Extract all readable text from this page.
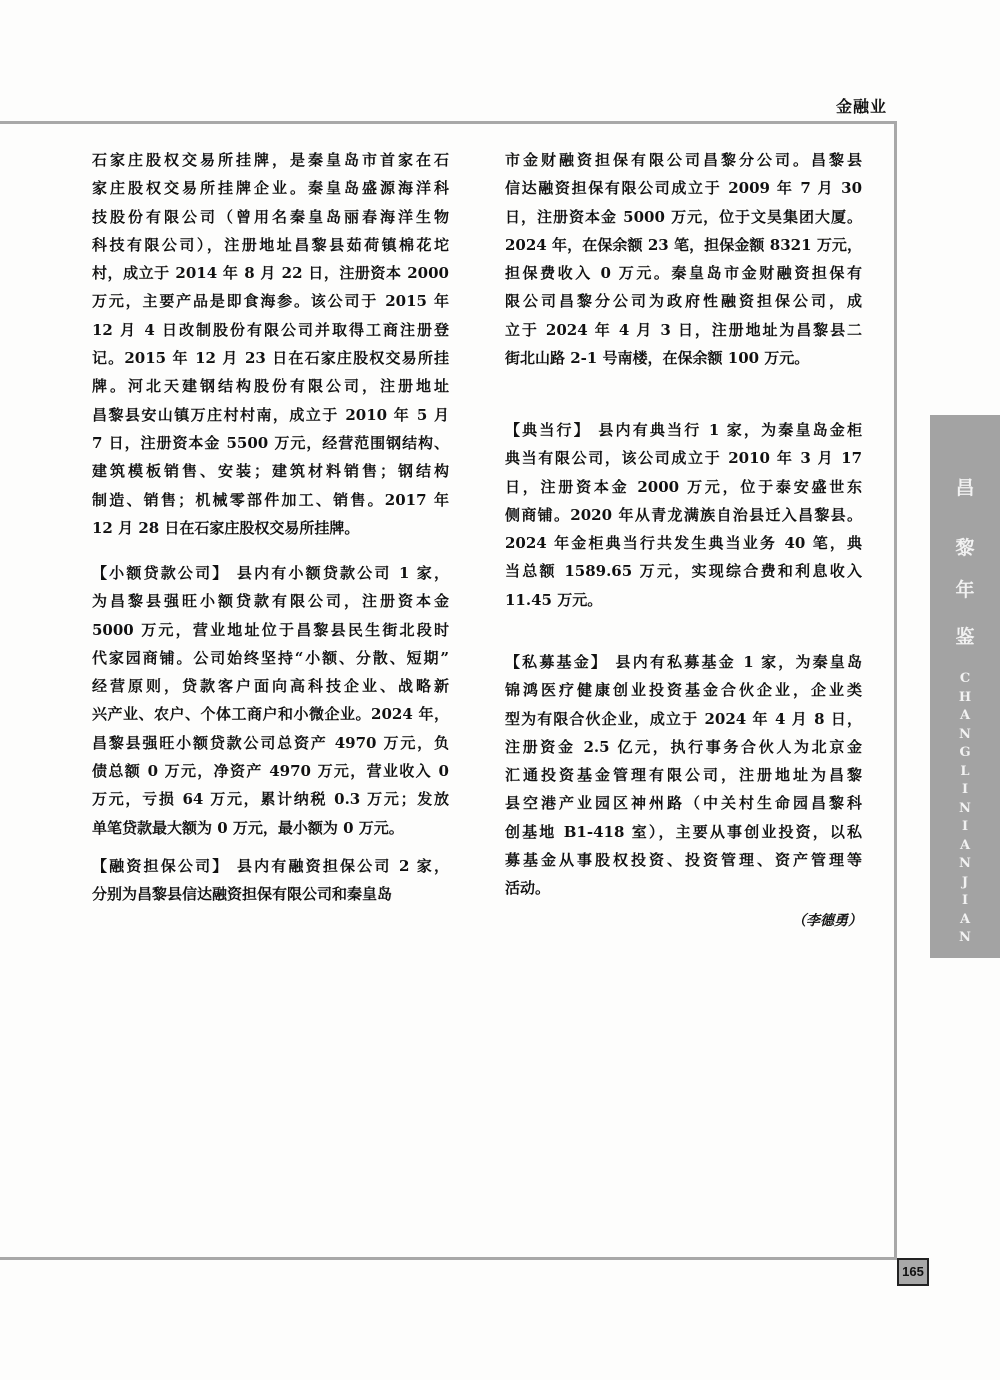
金融业
石家庄股权交易所挂牌，是秦皇岛市首家在石
家庄股权交易所挂牌企业。秦皇岛盛源海洋科
技股份有限公司（曾用名秦皇岛丽春海洋生物
科技有限公司），注册地址昌黎县茹荷镇棉花坨
村，成立于 2014 年 8 月 22 日，注册资本 2000
万元，主要产品是即食海参。该公司于 2015 年
12 月 4 日改制股份有限公司并取得工商注册登
记。2015 年 12 月 23 日在石家庄股权交易所挂
牌。河北天建钢结构股份有限公司，注册地址
昌黎县安山镇万庄村村南，成立于 2010 年 5 月
7 日，注册资本金 5500 万元，经营范围钢结构、
建筑模板销售、安装；建筑材料销售；钢结构
制造、销售；机械零部件加工、销售。2017 年
12 月 28 日在石家庄股权交易所挂牌。
【小额贷款公司】 县内有小额贷款公司 1 家，
为昌黎县强旺小额贷款有限公司，注册资本金
5000 万元，营业地址位于昌黎县民生街北段时
代家园商铺。公司始终坚持“小额、分散、短期”
经营原则，贷款客户面向高科技企业、战略新
兴产业、农户、个体工商户和小微企业。2024 年，
昌黎县强旺小额贷款公司总资产 4970 万元，负
债总额 0 万元，净资产 4970 万元，营业收入 0
万元，亏损 64 万元，累计纳税 0.3 万元；发放
单笔贷款最大额为 0 万元，最小额为 0 万元。
【融资担保公司】 县内有融资担保公司 2 家，
分别为昌黎县信达融资担保有限公司和秦皇岛
市金财融资担保有限公司昌黎分公司。昌黎县
信达融资担保有限公司成立于 2009 年 7 月 30
日，注册资本金 5000 万元，位于文昊集团大厦。
2024 年，在保余额 23 笔，担保金额 8321 万元，
担保费收入 0 万元。秦皇岛市金财融资担保有
限公司昌黎分公司为政府性融资担保公司，成
立于 2024 年 4 月 3 日，注册地址为昌黎县二
街北山路 2-1 号南楼，在保余额 100 万元。
【典当行】 县内有典当行 1 家，为秦皇岛金柜
典当有限公司，该公司成立于 2010 年 3 月 17
日，注册资本金 2000 万元，位于泰安盛世东
侧商铺。2020 年从青龙满族自治县迁入昌黎县。
2024 年金柜典当行共发生典当业务 40 笔，典
当总额 1589.65 万元，实现综合费和利息收入
11.45 万元。
【私募基金】 县内有私募基金 1 家，为秦皇岛
锦鸿医疗健康创业投资基金合伙企业，企业类
型为有限合伙企业，成立于 2024 年 4 月 8 日，
注册资金 2.5 亿元，执行事务合伙人为北京金
汇通投资基金管理有限公司，注册地址为昌黎
县空港产业园区神州路（中关村生命园昌黎科
创基地 B1-418 室），主要从事创业投资，以私
募基金从事股权投资、投资管理、资产管理等
活动。
（李德勇）
昌
黎
年
鉴
C
H
A
N
G
L
I
N
I
A
N
J
I
A
N
165
